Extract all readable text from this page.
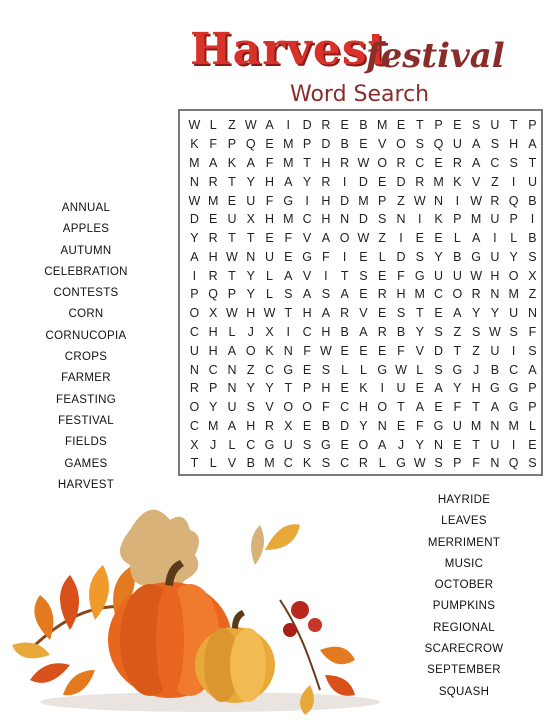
Harvest
festival
Word Search
W L Z W A	I	D R E B M E T P E S U T P
K F P Q E M P D B E V O S Q U A S H A
M A K A F M T H R W O R C E R A C S T
N R T Y H A Y R	I	D E D R M K V Z	I	U
W M E U F G I	H D M P Z W N	I W R Q B
D E U X H M C H N D S N	I	K P M U P	I
Y R T T E F V A O W Z	I	E E L A	I	L B
A H W N U E G F	I	E L D S Y B G U Y S
I	R T Y L A V	I	T S E F G U U W H O X
P Q P Y L S A S A E R H M C O R N M Z
O X W H W T H A R V E S T E A Y Y U N
C H L J X	I	C H B A R B Y S Z S W S F
U H A O K N F W E E E F V D T Z U	I	S
N C N Z C G E S L L G W L S G J B C A
R P N Y Y T P H E K	I	U E A Y H G G P
O Y U S V O O F C H O T A E F T A G P
C M A H R X E B D Y N E F G U M N M L
X J L C G U S G E O A J Y N E T U	I	E
T L V B M C K S C R L G W S P F N Q S
ANNUAL
APPLES
AUTUMN
CELEBRATION
CONTESTS
CORN
CORNUCOPIA
CROPS
FARMER
FEASTING
FESTIVAL
FIELDS
GAMES
HARVEST
HAYRIDE
LEAVES
MERRIMENT
MUSIC
OCTOBER
PUMPKINS
REGIONAL
SCARECROW
SEPTEMBER
SQUASH
